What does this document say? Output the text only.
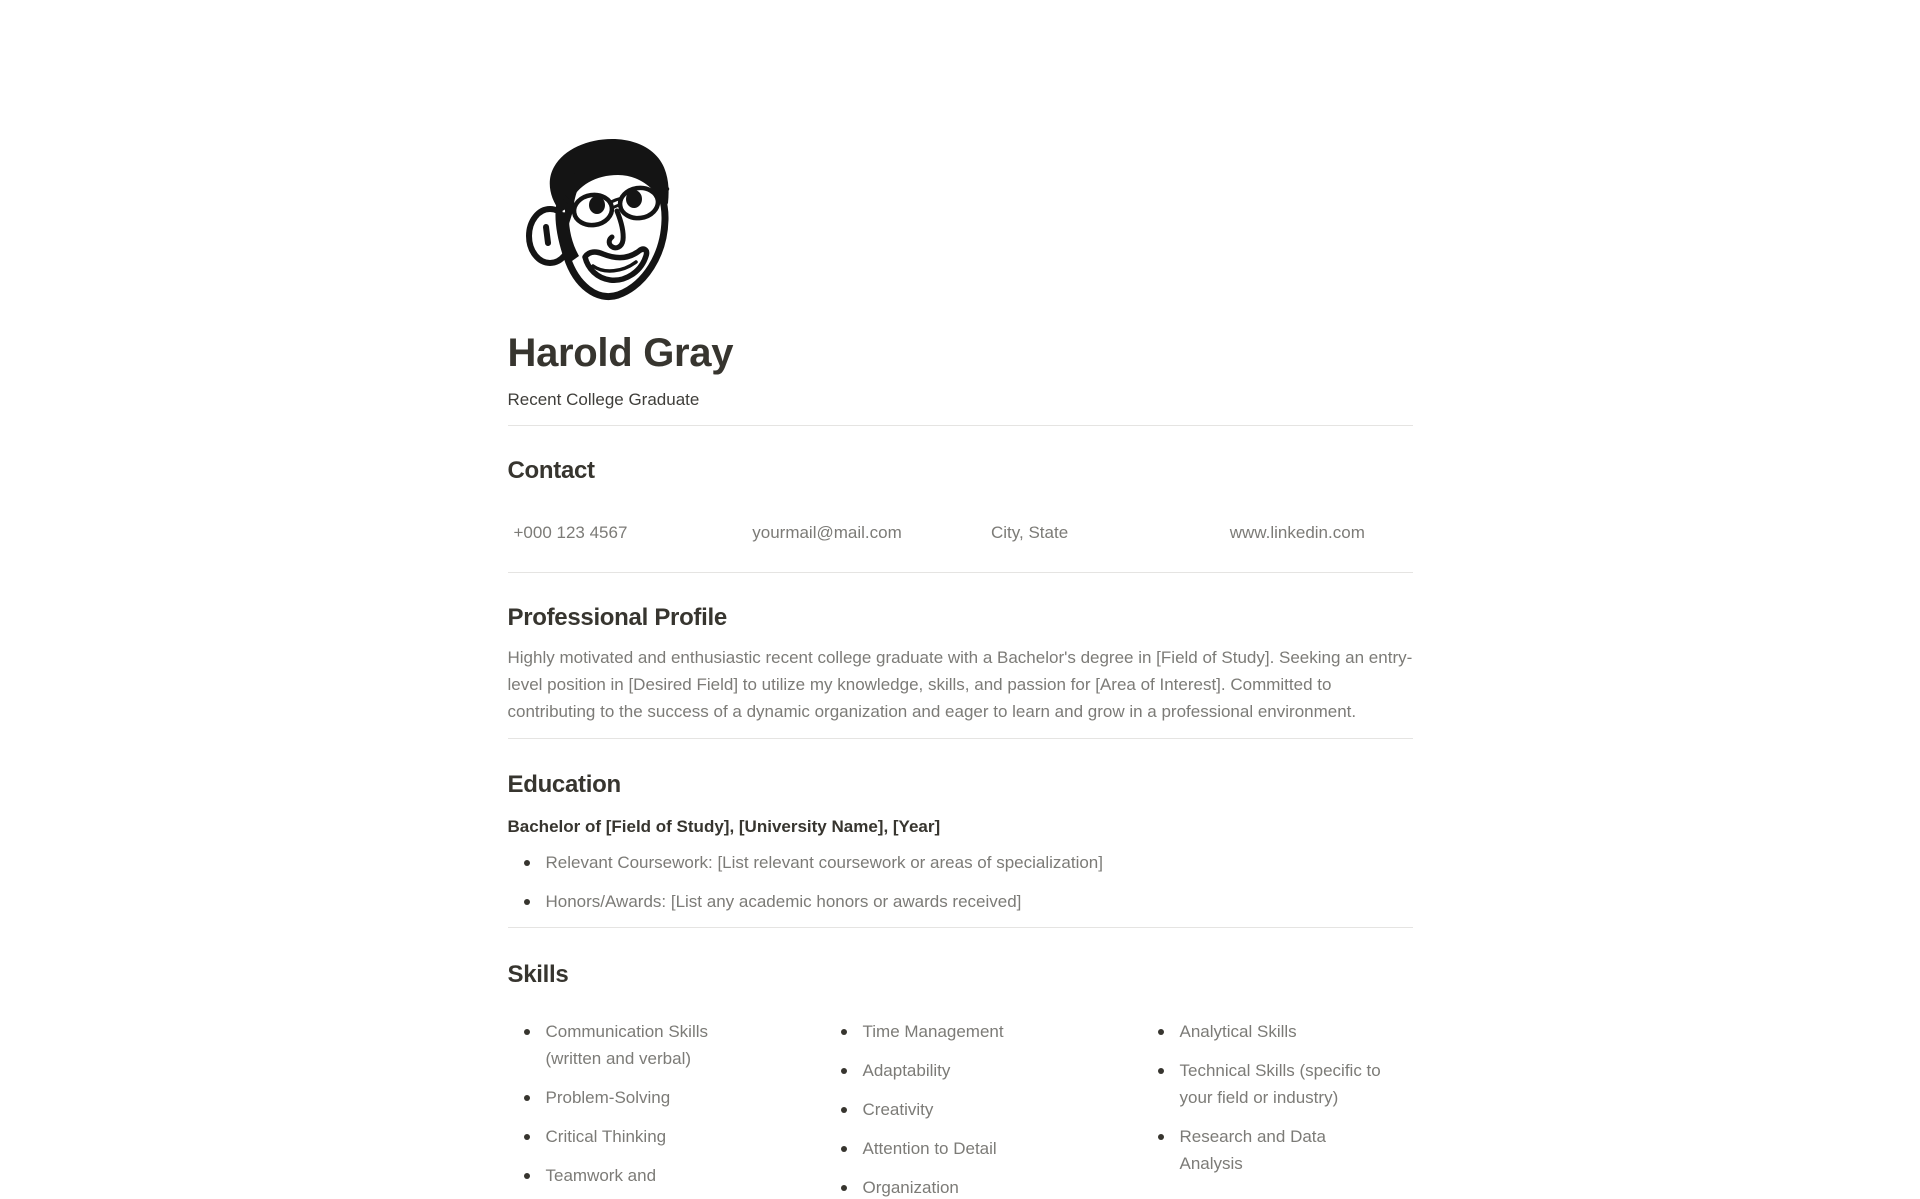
Harold Gray
Recent College Graduate
Contact
+000 123 4567	yourmail@mail.com	City, State	www.linkedin.com
Professional Profile

Highly motivated and enthusiastic recent college graduate with a Bachelor's degree in [Field of Study]. Seeking an entry-level position in [Desired Field] to utilize my knowledge, skills, and passion for [Area of Interest]. Committed to contributing to the success of a dynamic organization and eager to learn and grow in a professional environment.

Education
Bachelor of [Field of Study], [University Name], [Year]
Relevant Coursework: [List relevant coursework or areas of specialization]
Honors/Awards: [List any academic honors or awards received]
Skills
Communication Skills (written and verbal)
Problem-Solving
Critical Thinking
Teamwork and
Time Management
Adaptability
Creativity
Attention to Detail
Organization
Analytical Skills
Technical Skills (specific to your field or industry)
Research and Data Analysis
